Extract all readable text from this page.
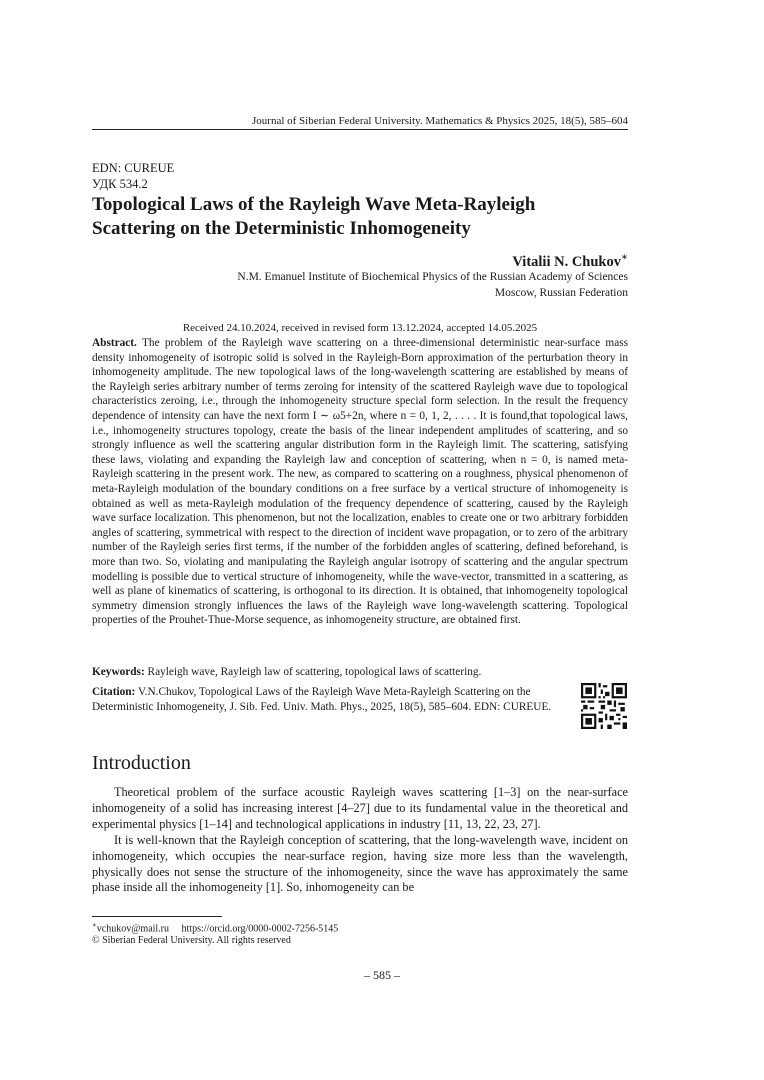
Journal of Siberian Federal University. Mathematics & Physics 2025, 18(5), 585–604
EDN: CUREUE
УДК 534.2
Topological Laws of the Rayleigh Wave Meta-Rayleigh
Scattering on the Deterministic Inhomogeneity
Vitalii N. Chukov∗
N.M. Emanuel Institute of Biochemical Physics of the Russian Academy of Sciences
Moscow, Russian Federation
Received 24.10.2024, received in revised form 13.12.2024, accepted 14.05.2025
Abstract. The problem of the Rayleigh wave scattering on a three-dimensional deterministic near-surface mass density inhomogeneity of isotropic solid is solved in the Rayleigh-Born approximation of the perturbation theory in inhomogeneity amplitude. The new topological laws of the long-wavelength scattering are established by means of the Rayleigh series arbitrary number of terms zeroing for intensity of the scattered Rayleigh wave due to topological characteristics zeroing, i.e., through the inhomogeneity structure special form selection. In the result the frequency dependence of intensity can have the next form I ∼ ω5+2n, where n = 0, 1, 2, . . . . It is found,that topological laws, i.e., inhomogeneity structures topology, create the basis of the linear independent amplitudes of scattering, and so strongly influence as well the scattering angular distribution form in the Rayleigh limit. The scattering, satisfying these laws, violating and expanding the Rayleigh law and conception of scattering, when n = 0, is named meta-Rayleigh scattering in the present work. The new, as compared to scattering on a roughness, physical phenomenon of meta-Rayleigh modulation of the boundary conditions on a free surface by a vertical structure of inhomogeneity is obtained as well as meta-Rayleigh modulation of the frequency dependence of scattering, caused by the Rayleigh wave surface localization. This phenomenon, but not the localization, enables to create one or two arbitrary forbidden angles of scattering, symmetrical with respect to the direction of incident wave propagation, or to zero of the arbitrary number of the Rayleigh series first terms, if the number of the forbidden angles of scattering, defined beforehand, is more than two. So, violating and manipulating the Rayleigh angular isotropy of scattering and the angular spectrum modelling is possible due to vertical structure of inhomogeneity, while the wave-vector, transmitted in a scattering, as well as plane of kinematics of scattering, is orthogonal to its direction. It is obtained, that inhomogeneity topological symmetry dimension strongly influences the laws of the Rayleigh wave long-wavelength scattering. Topological properties of the Prouhet-Thue-Morse sequence, as inhomogeneity structure, are obtained first.
Keywords: Rayleigh wave, Rayleigh law of scattering, topological laws of scattering.
Citation: V.N.Chukov, Topological Laws of the Rayleigh Wave Meta-Rayleigh Scattering on the Deterministic Inhomogeneity, J. Sib. Fed. Univ. Math. Phys., 2025, 18(5), 585–604. EDN: CUREUE.
Introduction

Theoretical problem of the surface acoustic Rayleigh waves scattering [1–3] on the near-surface inhomogeneity of a solid has increasing interest [4–27] due to its fundamental value in the theoretical and experimental physics [1–14] and technological applications in industry [11, 13, 22, 23, 27].

It is well-known that the Rayleigh conception of scattering, that the long-wavelength wave, incident on inhomogeneity, which occupies the near-surface region, having size more less than the wavelength, physically does not sense the structure of the inhomogeneity, since the wave has approximately the same phase inside all the inhomogeneity [1]. So, inhomogeneity can be

∗vchukov@mail.ru https://orcid.org/0000-0002-7256-5145
© Siberian Federal University. All rights reserved
– 585 –
